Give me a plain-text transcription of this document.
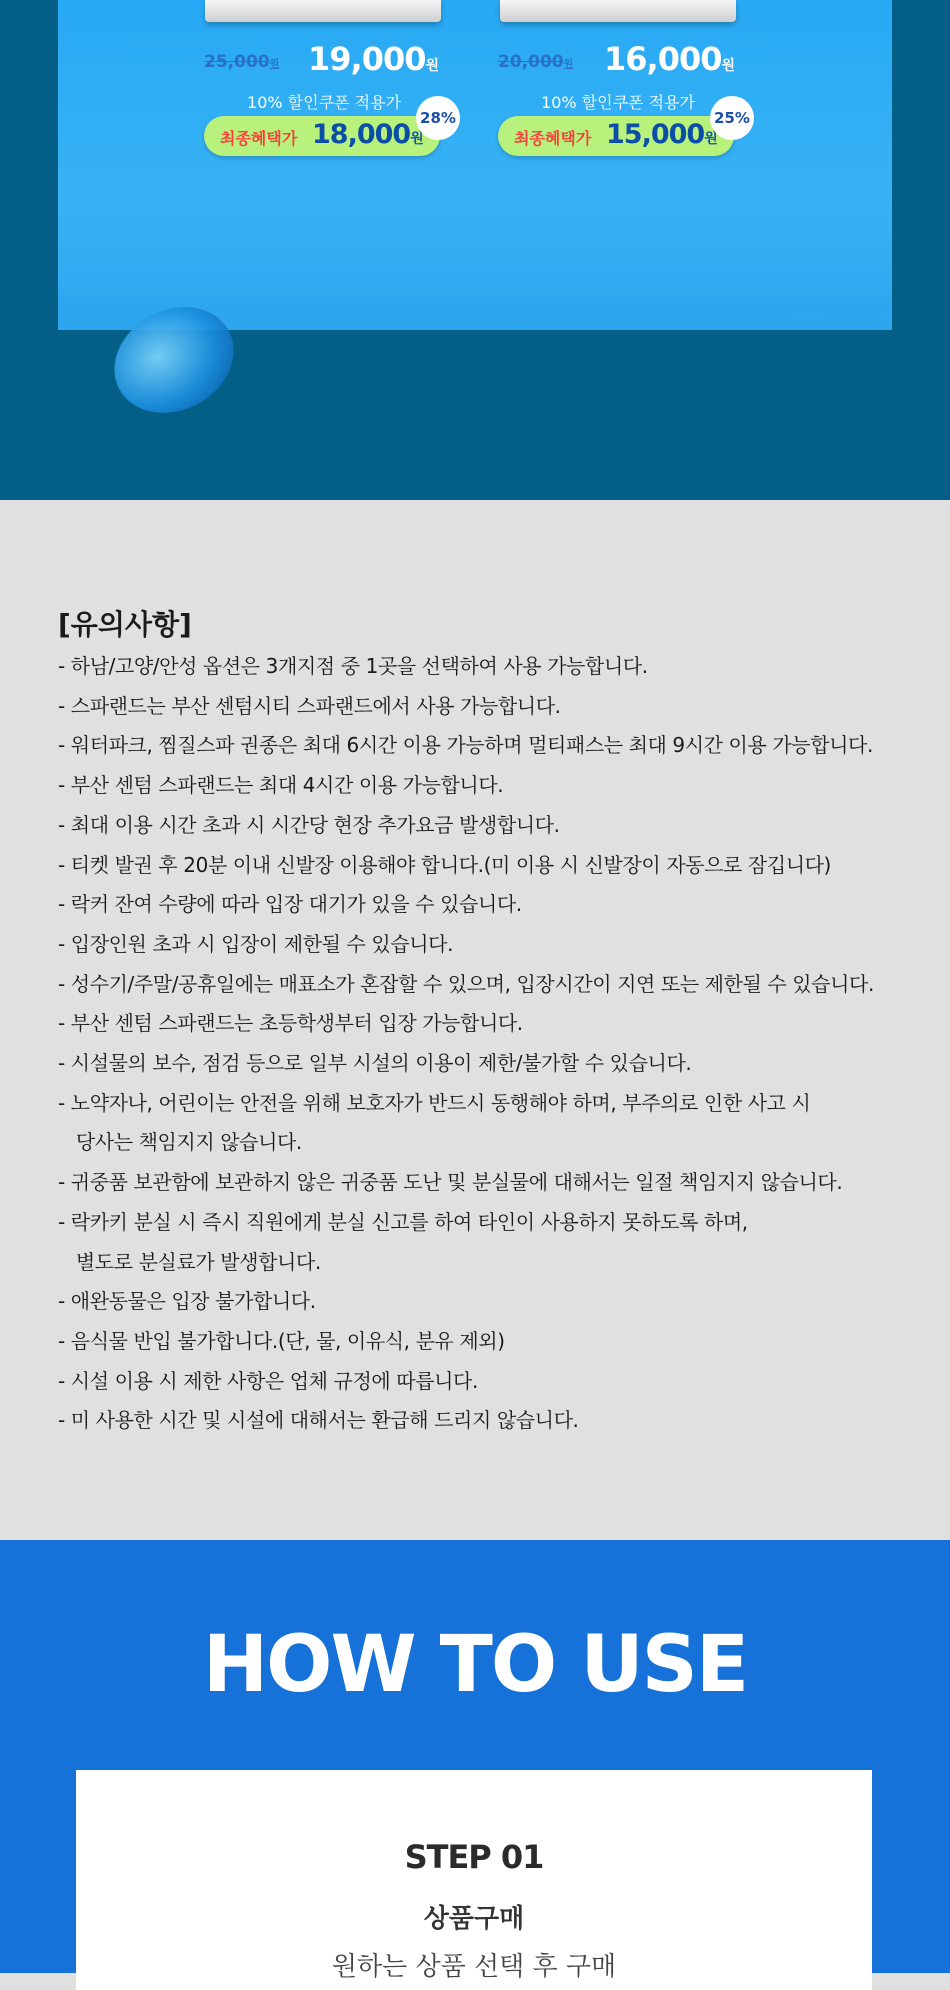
25,000원 19,000원
10% 할인쿠폰 적용가
최종혜택가 18,000원
28%
20,000원 16,000원
10% 할인쿠폰 적용가
최종혜택가 15,000원
25%
[유의사항]
- 하남/고양/안성 옵션은 3개지점 중 1곳을 선택하여 사용 가능합니다.
- 스파랜드는 부산 센텀시티 스파랜드에서 사용 가능합니다.
- 워터파크, 찜질스파 권종은 최대 6시간 이용 가능하며 멀티패스는 최대 9시간 이용 가능합니다.
- 부산 센텀 스파랜드는 최대 4시간 이용 가능합니다.
- 최대 이용 시간 초과 시 시간당 현장 추가요금 발생합니다.
- 티켓 발권 후 20분 이내 신발장 이용해야 합니다.(미 이용 시 신발장이 자동으로 잠깁니다)
- 락커 잔여 수량에 따라 입장 대기가 있을 수 있습니다.
- 입장인원 초과 시 입장이 제한될 수 있습니다.
- 성수기/주말/공휴일에는 매표소가 혼잡할 수 있으며, 입장시간이 지연 또는 제한될 수 있습니다.
- 부산 센텀 스파랜드는 초등학생부터 입장 가능합니다.
- 시설물의 보수, 점검 등으로 일부 시설의 이용이 제한/불가할 수 있습니다.
- 노약자나, 어린이는 안전을 위해 보호자가 반드시 동행해야 하며, 부주의로 인한 사고 시
당사는 책임지지 않습니다.
- 귀중품 보관함에 보관하지 않은 귀중품 도난 및 분실물에 대해서는 일절 책임지지 않습니다.
- 락카키 분실 시 즉시 직원에게 분실 신고를 하여 타인이 사용하지 못하도록 하며,
별도로 분실료가 발생합니다.
- 애완동물은 입장 불가합니다.
- 음식물 반입 불가합니다.(단, 물, 이유식, 분유 제외)
- 시설 이용 시 제한 사항은 업체 규정에 따릅니다.
- 미 사용한 시간 및 시설에 대해서는 환급해 드리지 않습니다.
HOW TO USE
STEP 01
상품구매
원하는 상품 선택 후 구매
